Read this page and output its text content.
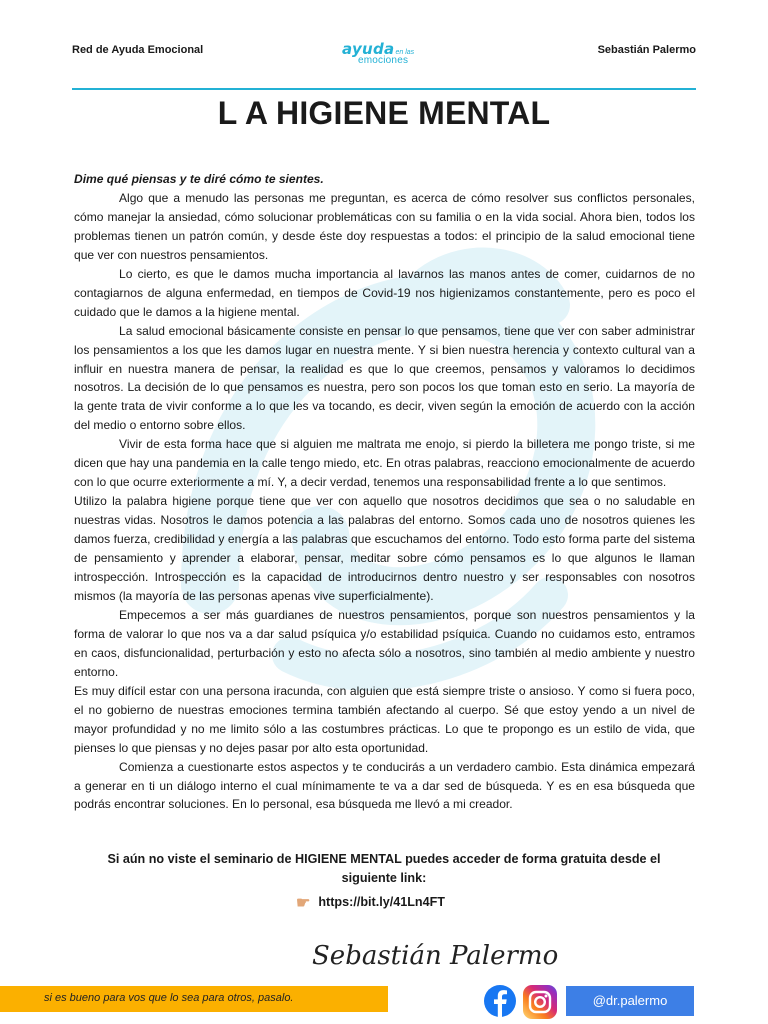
Red de Ayuda Emocional	ayudaen las
emociones
Sebastián Palermo
L A HIGIENE MENTAL

Dime qué piensas y te diré cómo te sientes.

Algo que a menudo las personas me preguntan, es acerca de cómo resolver sus conflictos personales, cómo manejar la ansiedad, cómo solucionar problemáticas con su familia o en la vida social. Ahora bien, todos los problemas tienen un patrón común, y desde éste doy respuestas a todos: el principio de la salud emocional tiene que ver con nuestros pensamientos.

Lo cierto, es que le damos mucha importancia al lavarnos las manos antes de comer, cuidarnos de no contagiarnos de alguna enfermedad, en tiempos de Covid-19 nos higienizamos constantemente, pero es poco el cuidado que le damos a la higiene mental.

La salud emocional básicamente consiste en pensar lo que pensamos, tiene que ver con saber administrar los pensamientos a los que les damos lugar en nuestra mente. Y si bien nuestra herencia y contexto cultural van a influir en nuestra manera de pensar, la realidad es que lo que creemos, pensamos y valoramos lo decidimos nosotros. La decisión de lo que pensamos es nuestra, pero son pocos los que toman esto en serio. La mayoría de la gente trata de vivir conforme a lo que les va tocando, es decir, viven según la emoción de acuerdo con la acción del medio o entorno sobre ellos.

Vivir de esta forma hace que si alguien me maltrata me enojo, si pierdo la billetera me pongo triste, si me dicen que hay una pandemia en la calle tengo miedo, etc. En otras palabras, reacciono emocionalmente de acuerdo con lo que ocurre exteriormente a mí. Y, a decir verdad, tenemos una responsabilidad frente a lo que sentimos.

Utilizo la palabra higiene porque tiene que ver con aquello que nosotros decidimos que sea o no saludable en nuestras vidas. Nosotros le damos potencia a las palabras del entorno. Somos cada uno de nosotros quienes les damos fuerza, credibilidad y energía a las palabras que escuchamos del entorno. Todo esto forma parte del sistema de pensamiento y aprender a elaborar, pensar, meditar sobre cómo pensamos es lo que algunos le llaman introspección. Introspección es la capacidad de introducirnos dentro nuestro y ser responsables con nosotros mismos (la mayoría de las personas apenas vive superficialmente).

Empecemos a ser más guardianes de nuestros pensamientos, porque son nuestros pensamientos y la forma de valorar lo que nos va a dar salud psíquica y/o estabilidad psíquica. Cuando no cuidamos esto, entramos en caos, disfuncionalidad, perturbación y esto no afecta sólo a nosotros, sino también al medio ambiente y nuestro entorno.

Es muy difícil estar con una persona iracunda, con alguien que está siempre triste o ansioso. Y como si fuera poco, el no gobierno de nuestras emociones termina también afectando al cuerpo. Sé que estoy yendo a un nivel de mayor profundidad y no me limito sólo a las costumbres prácticas. Lo que te propongo es un estilo de vida, que pienses lo que piensas y no dejes pasar por alto esta oportunidad.

Comienza a cuestionarte estos aspectos y te conducirás a un verdadero cambio. Esta dinámica empezará a generar en ti un diálogo interno el cual mínimamente te va a dar sed de búsqueda. Y es en esa búsqueda que podrás encontrar soluciones. En lo personal, esa búsqueda me llevó a mi creador.

Si aún no viste el seminario de HIGIENE MENTAL puedes acceder de forma gratuita desde el siguiente link:
☛ https://bit.ly/41Ln4FT
Sebastián Palermo
si es bueno para vos que lo sea para otros, pasalo.	@dr.palermo
